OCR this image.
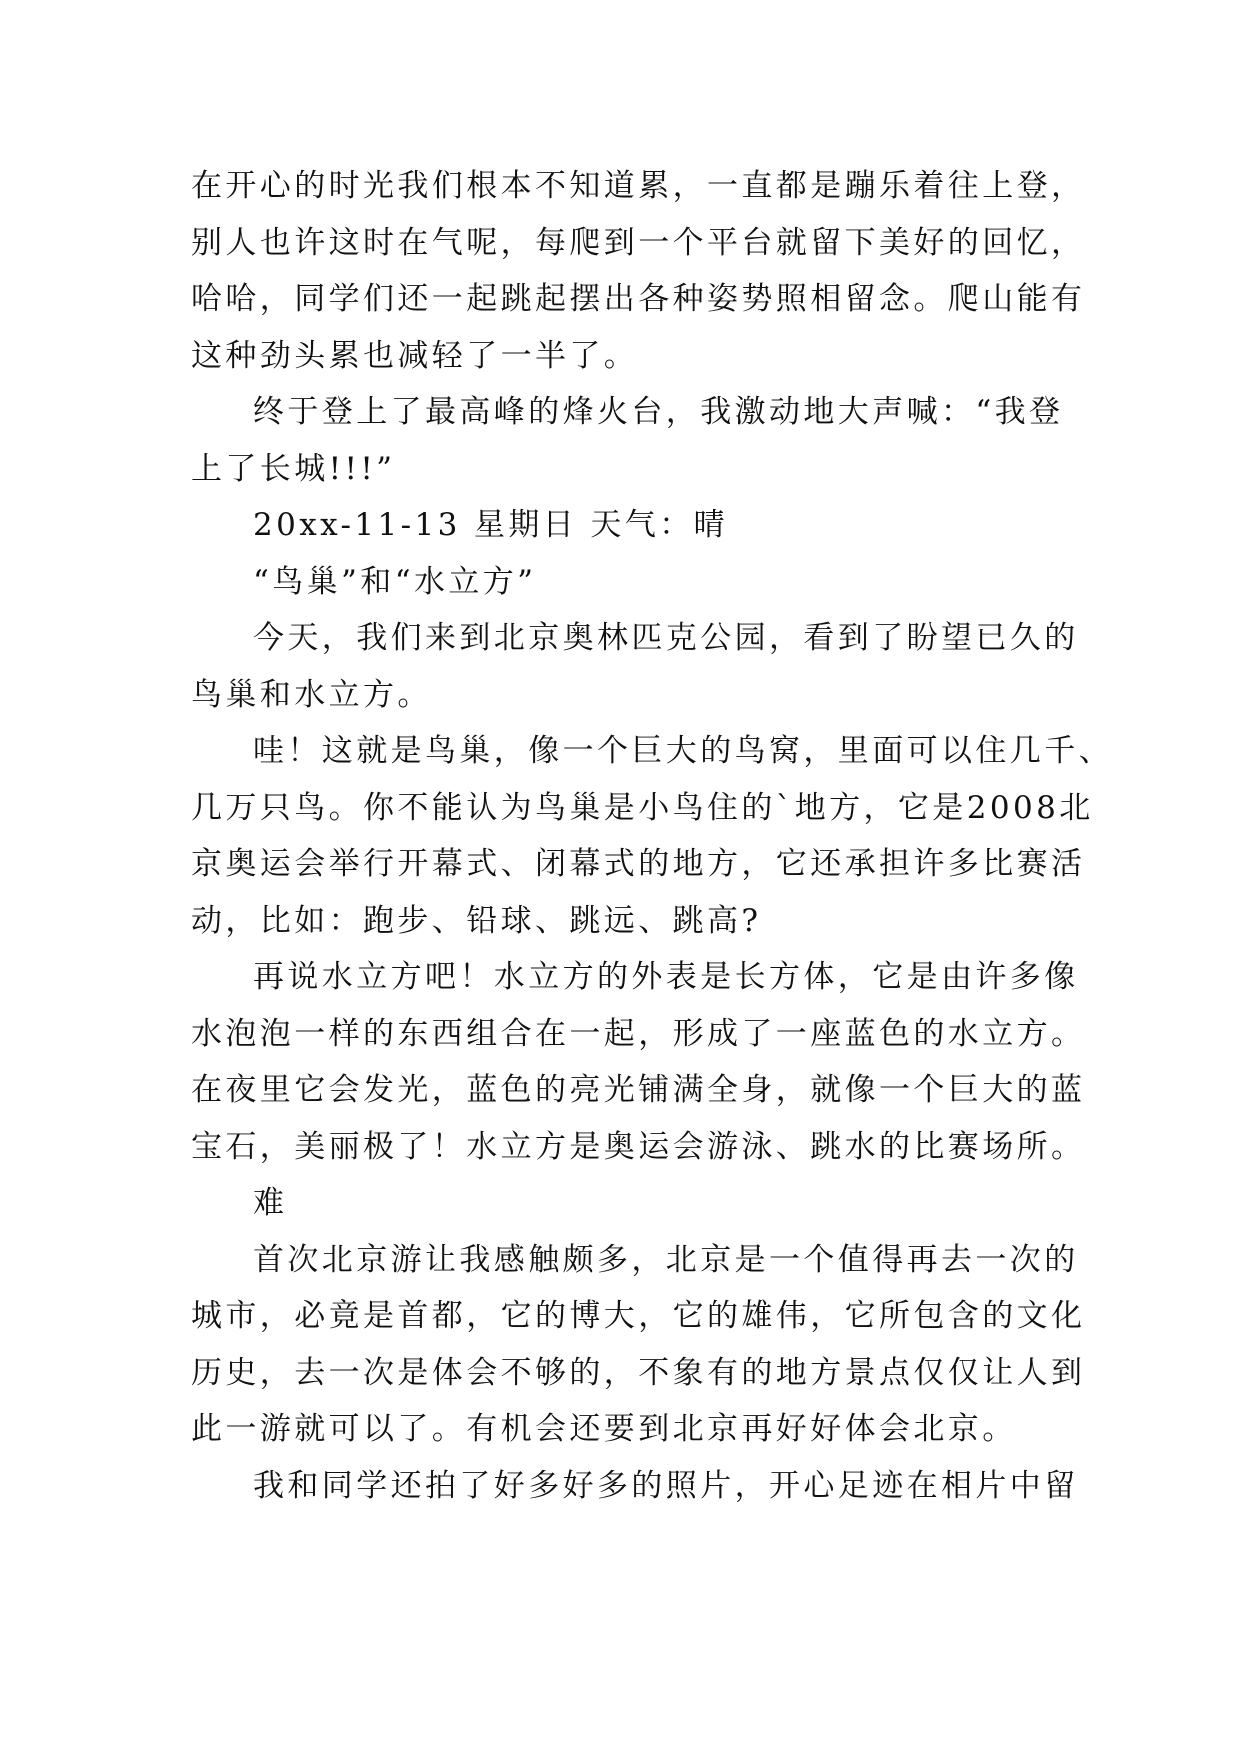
在开心的时光我们根本不知道累，一直都是蹦乐着往上登，
别人也许这时在气呢，每爬到一个平台就留下美好的回忆，
哈哈，同学们还一起跳起摆出各种姿势照相留念。爬山能有
这种劲头累也减轻了一半了。
终于登上了最高峰的烽火台，我激动地大声喊：“我登
上了长城!!!”
20xx-11-13 星期日 天气：晴
“鸟巢”和“水立方”
今天，我们来到北京奥林匹克公园，看到了盼望已久的
鸟巢和水立方。
哇！这就是鸟巢，像一个巨大的鸟窝，里面可以住几千、
几万只鸟。你不能认为鸟巢是小鸟住的`地方，它是2008北
京奥运会举行开幕式、闭幕式的地方，它还承担许多比赛活
动，比如：跑步、铅球、跳远、跳高?
再说水立方吧！水立方的外表是长方体，它是由许多像
水泡泡一样的东西组合在一起，形成了一座蓝色的水立方。
在夜里它会发光，蓝色的亮光铺满全身，就像一个巨大的蓝
宝石，美丽极了！水立方是奥运会游泳、跳水的比赛场所。
难
首次北京游让我感触颇多，北京是一个值得再去一次的
城市，必竟是首都，它的博大，它的雄伟，它所包含的文化
历史，去一次是体会不够的，不象有的地方景点仅仅让人到
此一游就可以了。有机会还要到北京再好好体会北京。
我和同学还拍了好多好多的照片，开心足迹在相片中留
